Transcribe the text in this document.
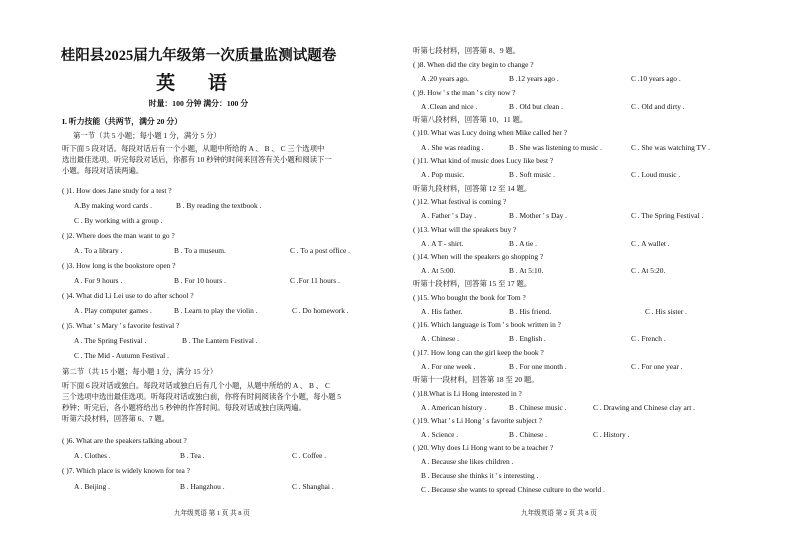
桂阳县2025届九年级第一次质量监测试题卷
英 语
时量：100 分钟 满分：100 分
I. 听力技能（共两节，满分 20 分）
第一节（共 5 小题；每小题 1 分，满分 5 分）
听下面 5 段对话。每段对话后有一个小题，从题中所给的 A 、 B 、 C 三个选项中
选出最佳选项。听完每段对话后，你都有 10 秒钟的时间来回答有关小题和阅读下一
小题。每段对话读两遍。
( )1. How does Jane study for a test ?
A.By making word cards .	B . By reading the textbook .
C . By working with a group .
( )2. Where does the man want to go ?
A . To a library .	B . To a museum.	C . To a post office .
( )3. How long is the bookstore open ?
A . For 9 hours .	B . For 10 hours .	C .For 11 hours .
( )4. What did Li Lei use to do after school ?
A . Play computer games .	B . Learn to play the violin .	C . Do homework .
( )5. What ' s Mary ' s favorite festival ?
A . The Spring Festival .	B . The Lantern Festival .
C . The Mid - Autumn Festival .
第二节（共 15 小题；每小题 1 分，满分 15 分）
听下面 6 段对话或独白。每段对话或独白后有几个小题，从题中所给的 A 、 B 、 C
三个选项中选出最佳选项。听每段对话或独白前，你将有时间阅读各个小题，每小题 5
秒钟；听完后，各小题将给出 5 秒钟的作答时间。每段对话或独白读两遍。
听第六段材料，回答第 6、7 题。
( )6. What are the speakers talking about ?
A . Clothes .	B . Tea .	C . Coffee .
( )7. Which place is widely known for tea ?
A . Beijing .	B . Hangzhou .	C . Shanghai .
九年级英语 第 1 页 共 8 页
听第七段材料，回答第 8、9 题。
( )8. When did the city begin to change ?
A .20 years ago.	B .12 years ago .	C .10 years ago .
( )9. How ' s the man ' s city now ?
A .Clean and nice .	B . Old but clean .	C . Old and dirty .
听第八段材料，回答第 10、11 题。
( )10. What was Lucy doing when Mike called her ?
A . She was reading .	B . She was listening to music .	C . She was watching TV .
( )11. What kind of music does Lucy like best ?
A . Pop music.	B . Soft music .	C . Loud music .
听第九段材料，回答第 12 至 14 题。
( )12. What festival is coming ?
A . Father ' s Day .	B . Mother ' s Day .	C . The Spring Festival .
( )13. What will the speakers buy ?
A . A T - shirt.	B . A tie .	C . A wallet .
( )14. When will the speakers go shopping ?
A . At 5:00.	B . At 5:10.	C . At 5:20.
听第十段材料，回答第 15 至 17 题。
( )15. Who bought the book for Tom ?
A . His father.	B . His friend.	C . His sister .
( )16. Which language is Tom ' s book written in ?
A . Chinese .	B . English .	C . French .
( )17. How long can the girl keep the book ?
A . For one week .	B . For one month .	C . For one year .
听第十一段材料，回答第 18 至 20 题。
( )18.What is Li Hong interested in ?
A . American history .	B . Chinese music .	C . Drawing and Chinese clay art .
( )19. What ' s Li Hong ' s favorite subject ?
A . Science .	B . Chinese .	C . History .
( )20. Why does Li Hong want to be a teacher ?
A . Because she likes children .
B . Because she thinks it ' s interesting .
C . Because she wants to spread Chinese culture to the world .
九年级英语 第 2 页 共 8 页
